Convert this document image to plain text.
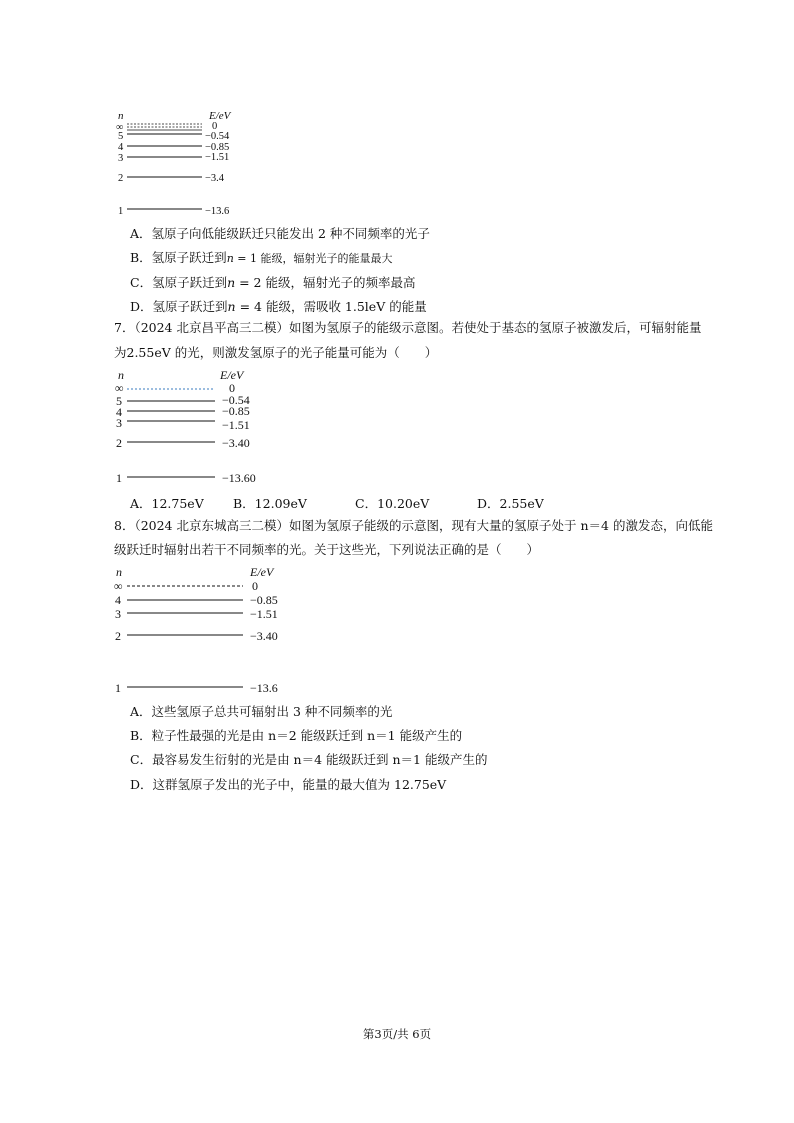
n	E/eV
∞	0
5	−0.54
4	−0.85
3	−1.51
2	−3.4
1	−13.6
n	E/eV
∞	0
5	−0.54
4	−0.85
3	−1.51
2	−3.40
1	−13.60
n	E/eV
∞	0
4	−0.85
3	−1.51
2	−3.40
1	−13.6
A．氢原子向低能级跃迁只能发出 2 种不同频率的光子
B．氢原子跃迁到n = 1 能级，辐射光子的能量最大
C．氢原子跃迁到n = 2 能级，辐射光子的频率最高
D．氢原子跃迁到n = 4 能级，需吸收 1.5leV 的能量
7．（2024 北京昌平高三二模）如图为氢原子的能级示意图。若使处于基态的氢原子被激发后，可辐射能量
为2.55eV 的光，则激发氢原子的光子能量可能为（　　）
A．12.75eV B．12.09eV	C．10.20eV	D．2.55eV
8．（2024 北京东城高三二模）如图为氢原子能级的示意图，现有大量的氢原子处于 n＝4 的激发态，向低能
级跃迁时辐射出若干不同频率的光。关于这些光，下列说法正确的是（　　）
A．这些氢原子总共可辐射出 3 种不同频率的光
B．粒子性最强的光是由 n＝2 能级跃迁到 n＝1 能级产生的
C．最容易发生衍射的光是由 n＝4 能级跃迁到 n＝1 能级产生的
D．这群氢原子发出的光子中，能量的最大值为 12.75eV
第3页/共 6页
